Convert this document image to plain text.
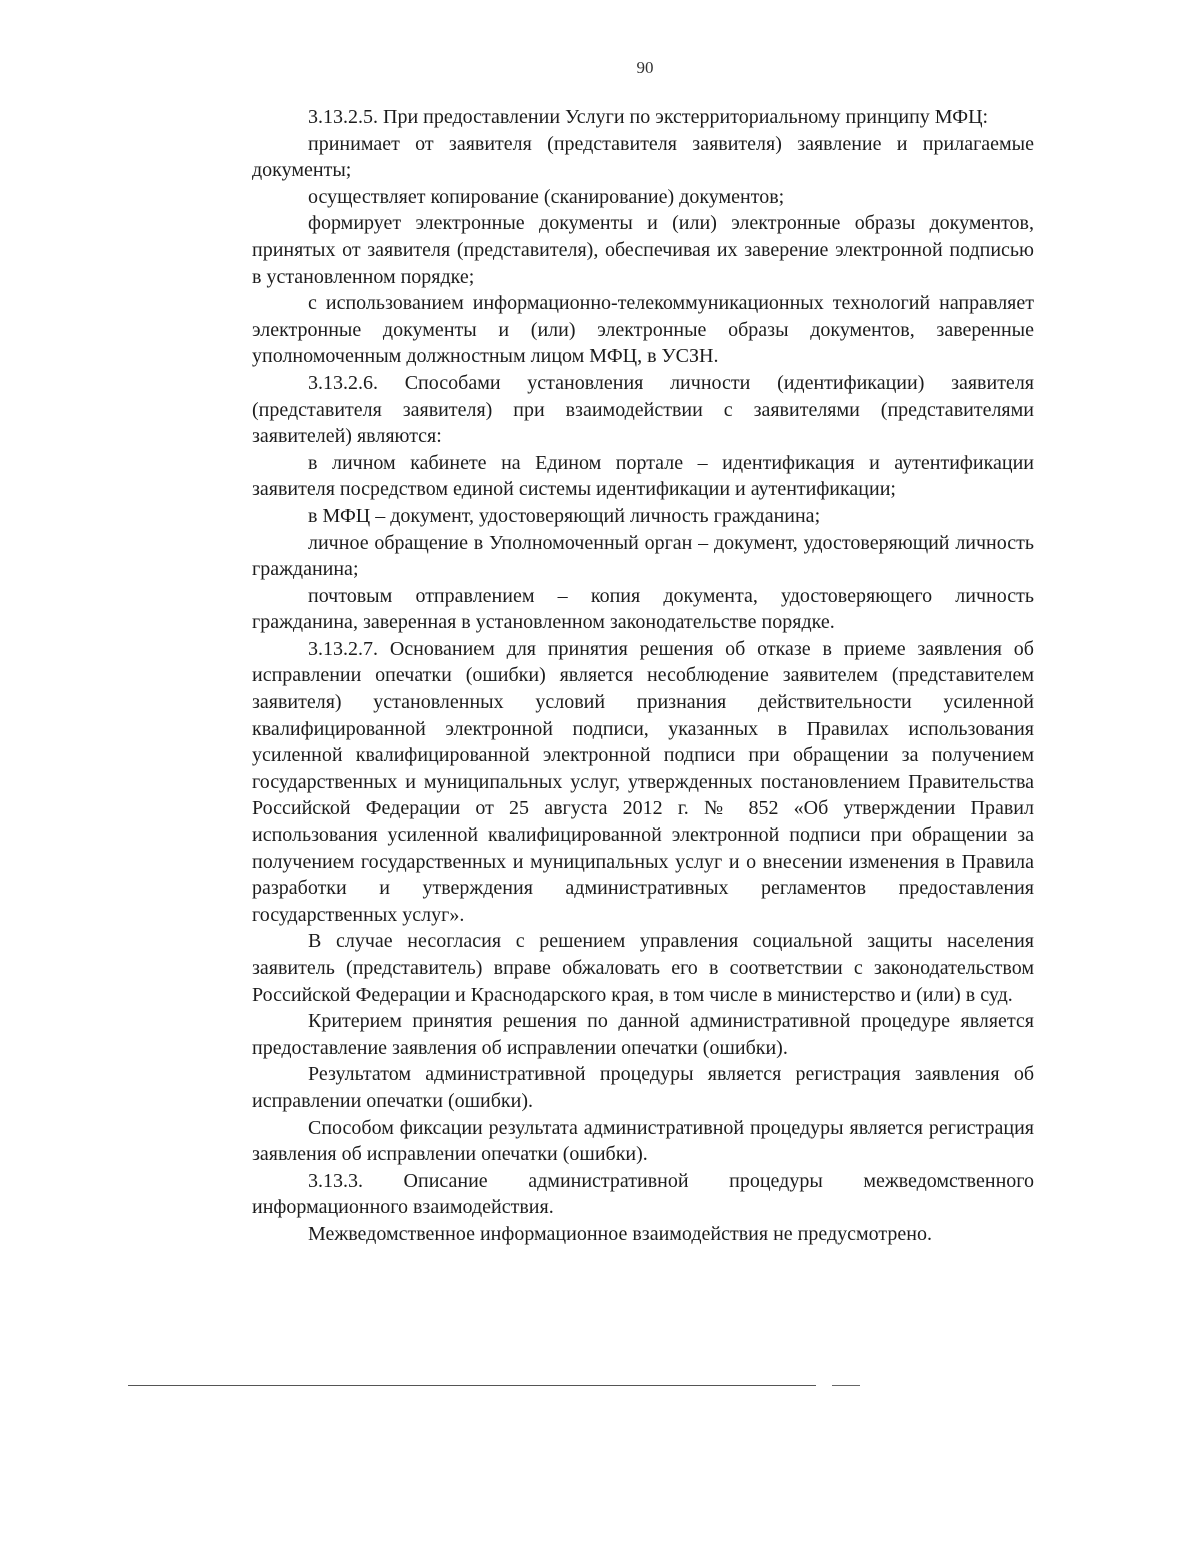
90

3.13.2.5. При предоставлении Услуги по экстерриториальному принципу МФЦ:

принимает от заявителя (представителя заявителя) заявление и прилагаемые документы;

осуществляет копирование (сканирование) документов;

формирует электронные документы и (или) электронные образы документов, принятых от заявителя (представителя), обеспечивая их заверение электронной подписью в установленном порядке;

с использованием информационно-телекоммуникационных технологий направляет электронные документы и (или) электронные образы документов, заверенные уполномоченным должностным лицом МФЦ, в УСЗН.

3.13.2.6. Способами установления личности (идентификации) заявителя (представителя заявителя) при взаимодействии с заявителями (представителями заявителей) являются:

в личном кабинете на Едином портале – идентификация и аутентификации заявителя посредством единой системы идентификации и аутентификации;

в МФЦ – документ, удостоверяющий личность гражданина;

личное обращение в Уполномоченный орган – документ, удостоверяющий личность гражданина;

почтовым отправлением – копия документа, удостоверяющего личность гражданина, заверенная в установленном законодательстве порядке.

3.13.2.7. Основанием для принятия решения об отказе в приеме заявления об исправлении опечатки (ошибки) является несоблюдение заявителем (представителем заявителя) установленных условий признания действительности усиленной квалифицированной электронной подписи, указанных в Правилах использования усиленной квалифицированной электронной подписи при обращении за получением государственных и муниципальных услуг, утвержденных постановлением Правительства Российской Федерации от 25 августа 2012 г. № 852 «Об утверждении Правил использования усиленной квалифицированной электронной подписи при обращении за получением государственных и муниципальных услуг и о внесении изменения в Правила разработки и утверждения административных регламентов предоставления государственных услуг».

В случае несогласия с решением управления социальной защиты населения заявитель (представитель) вправе обжаловать его в соответствии с законодательством Российской Федерации и Краснодарского края, в том числе в министерство и (или) в суд.

Критерием принятия решения по данной административной процедуре является предоставление заявления об исправлении опечатки (ошибки).

Результатом административной процедуры является регистрация заявления об исправлении опечатки (ошибки).

Способом фиксации результата административной процедуры является регистрация заявления об исправлении опечатки (ошибки).

3.13.3. Описание административной процедуры межведомственного информационного взаимодействия.

Межведомственное информационное взаимодействия не предусмотрено.
